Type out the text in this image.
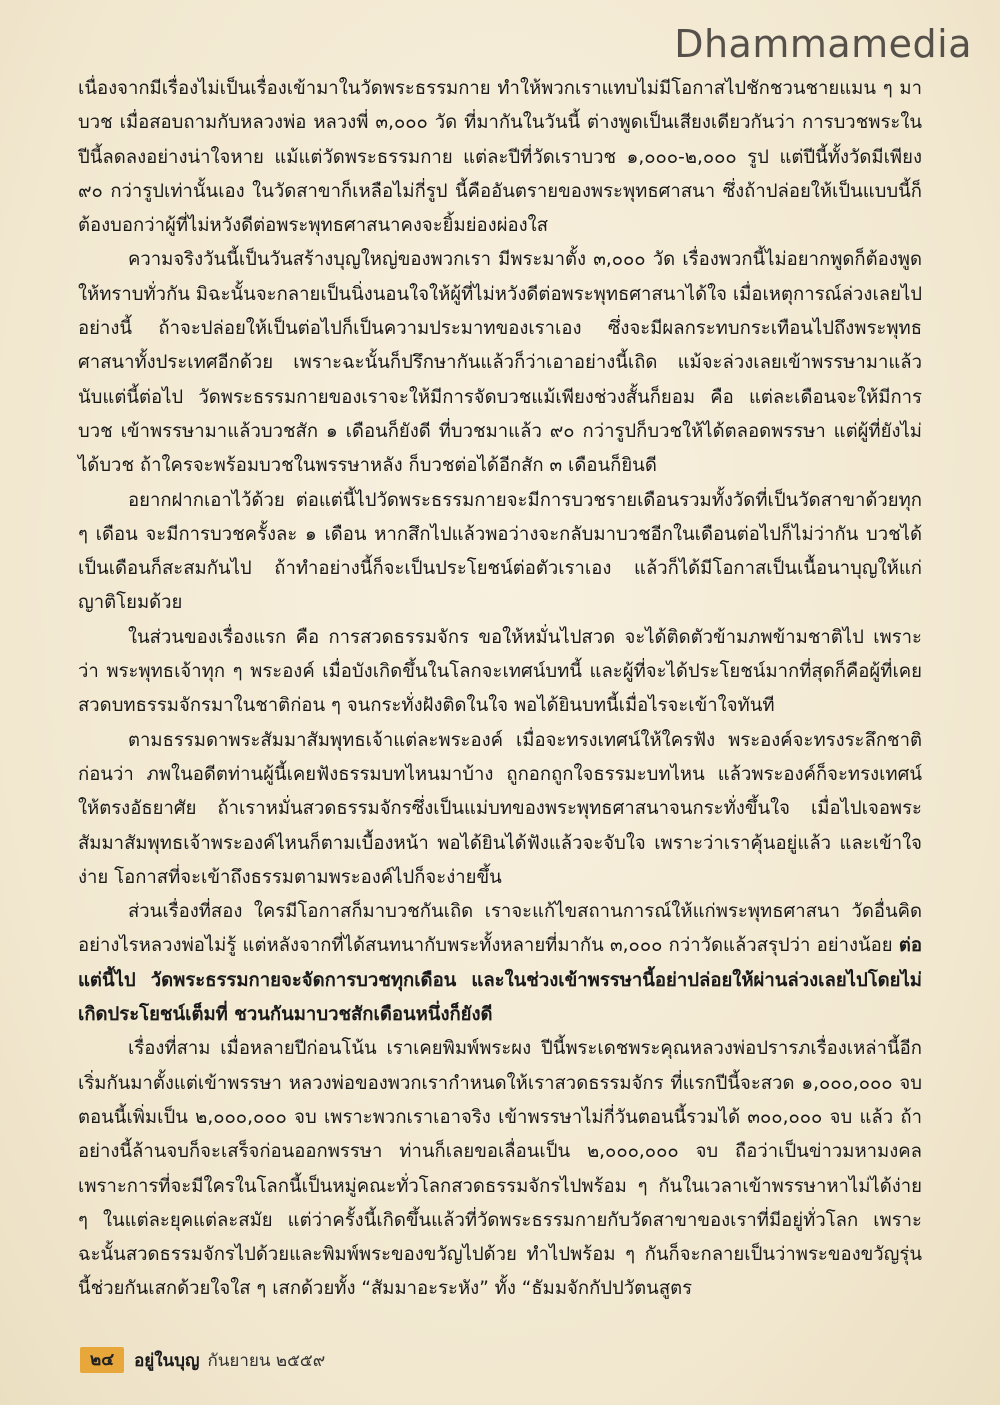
Dhammamedia

เนื่องจากมีเรื่องไม่เป็นเรื่องเข้ามาในวัดพระธรรมกาย ทำให้พวกเราแทบไม่มีโอกาสไปชักชวนชายแมน ๆ มาบวช เมื่อสอบถามกับหลวงพ่อ หลวงพี่ ๓,๐๐๐ วัด ที่มากันในวันนี้ ต่างพูดเป็นเสียงเดียวกันว่า การบวชพระในปีนี้ลดลงอย่างน่าใจหาย แม้แต่วัดพระธรรมกาย แต่ละปีที่วัดเราบวช ๑,๐๐๐-๒,๐๐๐ รูป แต่ปีนี้ทั้งวัดมีเพียง ๙๐ กว่ารูปเท่านั้นเอง ในวัดสาขาก็เหลือไม่กี่รูป นี้คืออันตรายของพระพุทธศาสนา ซึ่งถ้าปล่อยให้เป็นแบบนี้ก็ต้องบอกว่าผู้ที่ไม่หวังดีต่อพระพุทธศาสนาคงจะยิ้มย่องผ่องใส

ความจริงวันนี้เป็นวันสร้างบุญใหญ่ของพวกเรา มีพระมาตั้ง ๓,๐๐๐ วัด เรื่องพวกนี้ไม่อยากพูดก็ต้องพูดให้ทราบทั่วกัน มิฉะนั้นจะกลายเป็นนิ่งนอนใจให้ผู้ที่ไม่หวังดีต่อพระพุทธศาสนาได้ใจ เมื่อเหตุการณ์ล่วงเลยไปอย่างนี้ ถ้าจะปล่อยให้เป็นต่อไปก็เป็นความประมาทของเราเอง ซึ่งจะมีผลกระทบกระเทือนไปถึงพระพุทธศาสนาทั้งประเทศอีกด้วย เพราะฉะนั้นก็ปรึกษากันแล้วก็ว่าเอาอย่างนี้เถิด แม้จะล่วงเลยเข้าพรรษามาแล้ว นับแต่นี้ต่อไป วัดพระธรรมกายของเราจะให้มีการจัดบวชแม้เพียงช่วงสั้นก็ยอม คือ แต่ละเดือนจะให้มีการบวช เข้าพรรษามาแล้วบวชสัก ๑ เดือนก็ยังดี ที่บวชมาแล้ว ๙๐ กว่ารูปก็บวชให้ได้ตลอดพรรษา แต่ผู้ที่ยังไม่ได้บวช ถ้าใครจะพร้อมบวชในพรรษาหลัง ก็บวชต่อได้อีกสัก ๓ เดือนก็ยินดี

อยากฝากเอาไว้ด้วย ต่อแต่นี้ไปวัดพระธรรมกายจะมีการบวชรายเดือนรวมทั้งวัดที่เป็นวัดสาขาด้วยทุก ๆ เดือน จะมีการบวชครั้งละ ๑ เดือน หากสึกไปแล้วพอว่างจะกลับมาบวชอีกในเดือนต่อไปก็ไม่ว่ากัน บวชได้เป็นเดือนก็สะสมกันไป ถ้าทำอย่างนี้ก็จะเป็นประโยชน์ต่อตัวเราเอง แล้วก็ได้มีโอกาสเป็นเนื้อนาบุญให้แก่ญาติโยมด้วย

ในส่วนของเรื่องแรก คือ การสวดธรรมจักร ขอให้หมั่นไปสวด จะได้ติดตัวข้ามภพข้ามชาติไป เพราะว่า พระพุทธเจ้าทุก ๆ พระองค์ เมื่อบังเกิดขึ้นในโลกจะเทศน์บทนี้ และผู้ที่จะได้ประโยชน์มากที่สุดก็คือผู้ที่เคยสวดบทธรรมจักรมาในชาติก่อน ๆ จนกระทั่งฝังติดในใจ พอได้ยินบทนี้เมื่อไรจะเข้าใจทันที

ตามธรรมดาพระสัมมาสัมพุทธเจ้าแต่ละพระองค์ เมื่อจะทรงเทศน์ให้ใครฟัง พระองค์จะทรงระลึกชาติก่อนว่า ภพในอดีตท่านผู้นี้เคยฟังธรรมบทไหนมาบ้าง ถูกอกถูกใจธรรมะบทไหน แล้วพระองค์ก็จะทรงเทศน์ให้ตรงอัธยาศัย ถ้าเราหมั่นสวดธรรมจักรซึ่งเป็นแม่บทของพระพุทธศาสนาจนกระทั่งขึ้นใจ เมื่อไปเจอพระสัมมาสัมพุทธเจ้าพระองค์ไหนก็ตามเบื้องหน้า พอได้ยินได้ฟังแล้วจะจับใจ เพราะว่าเราคุ้นอยู่แล้ว และเข้าใจง่าย โอกาสที่จะเข้าถึงธรรมตามพระองค์ไปก็จะง่ายขึ้น

ส่วนเรื่องที่สอง ใครมีโอกาสก็มาบวชกันเถิด เราจะแก้ไขสถานการณ์ให้แก่พระพุทธศาสนา วัดอื่นคิดอย่างไรหลวงพ่อไม่รู้ แต่หลังจากที่ได้สนทนากับพระทั้งหลายที่มากัน ๓,๐๐๐ กว่าวัดแล้วสรุปว่า อย่างน้อย ต่อแต่นี้ไป วัดพระธรรมกายจะจัดการบวชทุกเดือน และในช่วงเข้าพรรษานี้อย่าปล่อยให้ผ่านล่วงเลยไปโดยไม่เกิดประโยชน์เต็มที่ ชวนกันมาบวชสักเดือนหนึ่งก็ยังดี

เรื่องที่สาม เมื่อหลายปีก่อนโน้น เราเคยพิมพ์พระผง ปีนี้พระเดชพระคุณหลวงพ่อปรารภเรื่องเหล่านี้อีก เริ่มกันมาตั้งแต่เข้าพรรษา หลวงพ่อของพวกเรากำหนดให้เราสวดธรรมจักร ที่แรกปีนี้จะสวด ๑,๐๐๐,๐๐๐ จบ ตอนนี้เพิ่มเป็น ๒,๐๐๐,๐๐๐ จบ เพราะพวกเราเอาจริง เข้าพรรษาไม่กี่วันตอนนี้รวมได้ ๓๐๐,๐๐๐ จบ แล้ว ถ้าอย่างนี้ล้านจบก็จะเสร็จก่อนออกพรรษา ท่านก็เลยขอเลื่อนเป็น ๒,๐๐๐,๐๐๐ จบ ถือว่าเป็นข่าวมหามงคล เพราะการที่จะมีใครในโลกนี้เป็นหมู่คณะทั่วโลกสวดธรรมจักรไปพร้อม ๆ กันในเวลาเข้าพรรษาหาไม่ได้ง่าย ๆ ในแต่ละยุคแต่ละสมัย แต่ว่าครั้งนี้เกิดขึ้นแล้วที่วัดพระธรรมกายกับวัดสาขาของเราที่มีอยู่ทั่วโลก เพราะฉะนั้นสวดธรรมจักรไปด้วยและพิมพ์พระของขวัญไปด้วย ทำไปพร้อม ๆ กันก็จะกลายเป็นว่าพระของขวัญรุ่นนี้ช่วยกันเสกด้วยใจใส ๆ เสกด้วยทั้ง “สัมมาอะระหัง” ทั้ง “ธัมมจักกัปปวัตนสูตร

๒๔	อยู่ในบุญ กันยายน ๒๕๕๙
